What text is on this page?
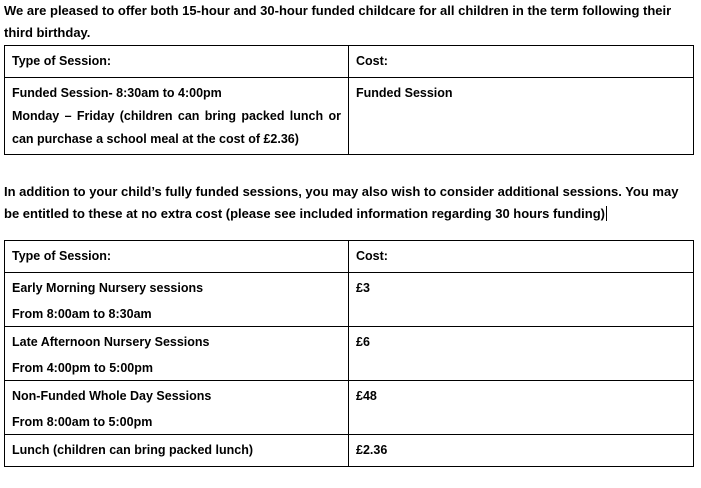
We are pleased to offer both 15-hour and 30-hour funded childcare for all children in the term following their third birthday.

Type of Session:	Cost:

Funded Session- 8:30am to 4:00pm
Monday – Friday (children can bring packed lunch or can purchase a school meal at the cost of £2.36)	Funded Session

In addition to your child’s fully funded sessions, you may also wish to consider additional sessions. You may be entitled to these at no extra cost (please see included information regarding 30 hours funding)

Type of Session:	Cost:

Early Morning Nursery sessions
From 8:00am to 8:30am	£3

Late Afternoon Nursery Sessions
From 4:00pm to 5:00pm	£6

Non-Funded Whole Day Sessions
From 8:00am to 5:00pm	£48

Lunch (children can bring packed lunch)	£2.36
